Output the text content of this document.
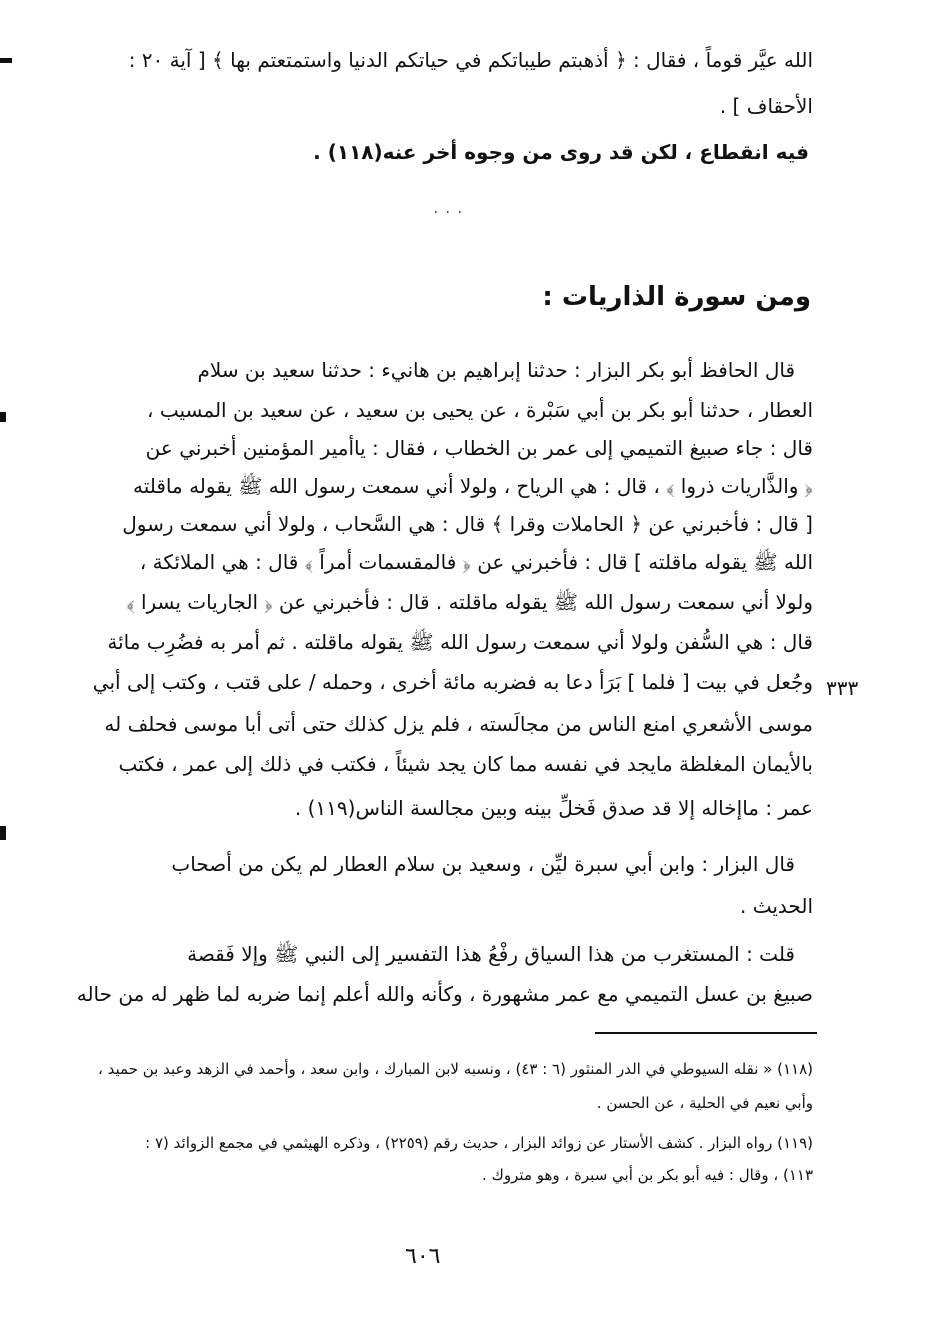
الله عيَّر قوماً ، فقال : ﴿ أذهبتم طيباتكم في حياتكم الدنيا واستمتعتم بها ﴾ [ آية ٢٠ :
الأحقاف ] .
فيه انقطاع ، لكن قد روى من وجوه أخر عنه(١١٨) .
٠ ٠ ٠
ومن سورة الذاريات :
قال الحافظ أبو بكر البزار : حدثنا إبراهيم بن هانيء : حدثنا سعيد بن سلام
العطار ، حدثنا أبو بكر بن أبي سَبْرة ، عن يحيى بن سعيد ، عن سعيد بن المسيب ،
قال : جاء صبيغ التميمي إلى عمر بن الخطاب ، فقال : ياأمير المؤمنين أخبرني عن
﴿ والذَّاريات ذروا ﴾ ، قال : هي الرياح ، ولولا أني سمعت رسول الله ﷺ يقوله ماقلته
[ قال : فأخبرني عن ﴿ الحاملات وقرا ﴾ قال : هي السَّحاب ، ولولا أني سمعت رسول
الله ﷺ يقوله ماقلته ] قال : فأخبرني عن ﴿ فالمقسمات أمراً ﴾ قال : هي الملائكة ،
ولولا أني سمعت رسول الله ﷺ يقوله ماقلته . قال : فأخبرني عن ﴿ الجاريات يسرا ﴾
قال : هي السُّفن ولولا أني سمعت رسول الله ﷺ يقوله ماقلته . ثم أمر به فضُرِب مائة
وجُعل في بيت [ فلما ] بَرَأ دعا به فضربه مائة أخرى ، وحمله / على قتب ، وكتب إلى أبي
موسى الأشعري امنع الناس من مجالَسته ، فلم يزل كذلك حتى أتى أبا موسى فحلف له
بالأيمان المغلظة مايجد في نفسه مما كان يجد شيئاً ، فكتب في ذلك إلى عمر ، فكتب
عمر : ماإخاله إلا قد صدق فَخلِّ بينه وبين مجالسة الناس(١١٩) .
٣٣٣
قال البزار : وابن أبي سبرة ليِّن ، وسعيد بن سلام العطار لم يكن من أصحاب
الحديث .
قلت : المستغرب من هذا السياق رفْعُ هذا التفسير إلى النبي ﷺ وإلا فَقصة
صبيغ بن عسل التميمي مع عمر مشهورة ، وكأنه والله أعلم إنما ضربه لما ظهر له من حاله
(١١٨) « نقله السيوطي في الدر المنثور (٦ : ٤٣) ، ونسبه لابن المبارك ، وابن سعد ، وأحمد في الزهد وعبد بن حميد ،
وأبي نعيم في الحلية ، عن الحسن .
(١١٩) رواه البزار . كشف الأستار عن زوائد البزار ، حديث رقم (٢٢٥٩) ، وذكره الهيثمي في مجمع الزوائد (٧ :
١١٣) ، وقال : فيه أبو بكر بن أبي سبرة ، وهو متروك .
٦٠٦
